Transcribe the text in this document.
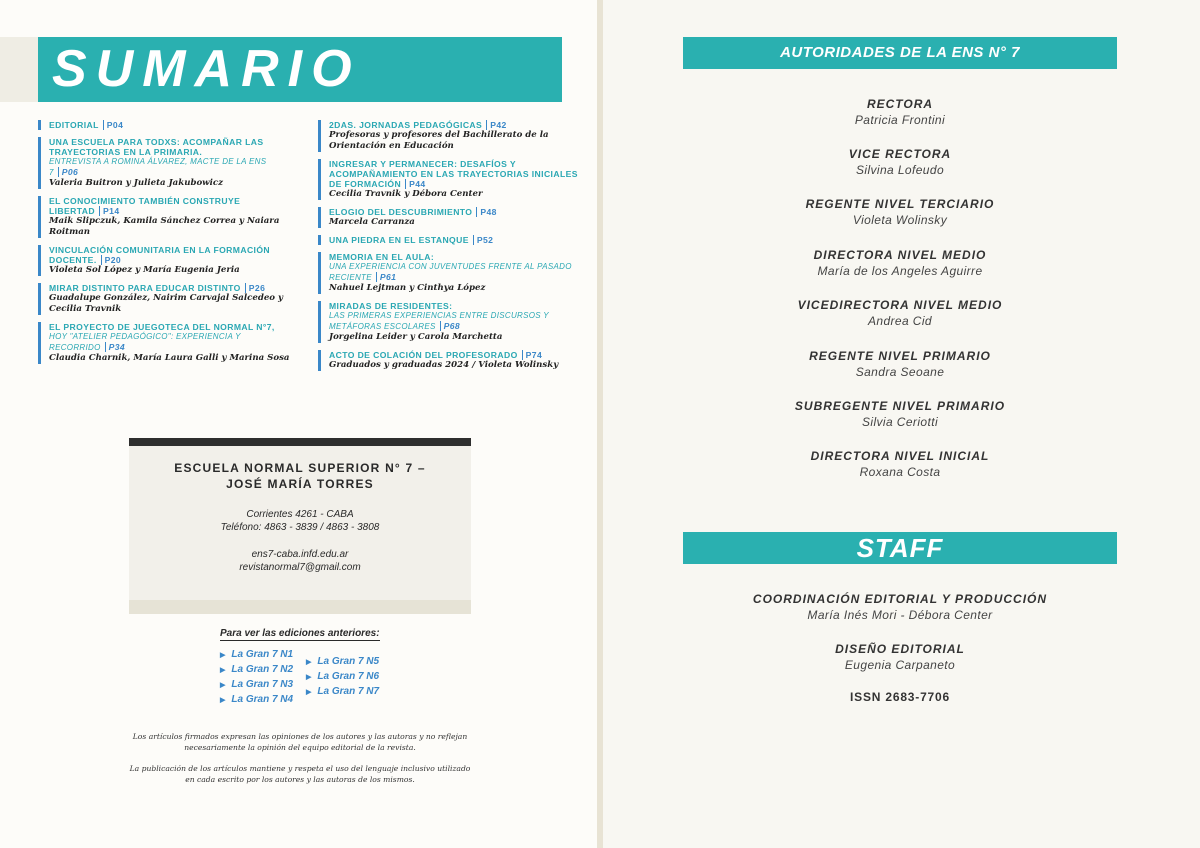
SUMARIO
EDITORIAL P04
UNA ESCUELA PARA TODXS: ACOMPAÑAR LAS TRAYECTORIAS EN LA PRIMARIA.
ENTREVISTA A ROMINA ÁLVAREZ, MACTE DE LA ENS 7 P06
Valeria Buitron y Julieta Jakubowicz
EL CONOCIMIENTO TAMBIÉN CONSTRUYE LIBERTAD P14
Maik Slipczuk, Kamila Sánchez Correa y Naiara Roitman
VINCULACIÓN COMUNITARIA EN LA FORMACIÓN DOCENTE. P20
Violeta Sol López y María Eugenia Jeria
MIRAR DISTINTO PARA EDUCAR DISTINTO P26
Guadalupe González, Nairim Carvajal Salcedeo y Cecilia Travnik
EL PROYECTO DE JUEGOTECA DEL NORMAL N°7,
HOY "ATELIER PEDAGÓGICO": EXPERIENCIA Y RECORRIDO P34
Claudia Charnik, María Laura Galli y Marina Sosa
2DAS. JORNADAS PEDAGÓGICAS P42
Profesoras y profesores del Bachillerato de la Orientación en Educación
INGRESAR Y PERMANECER: DESAFÍOS Y ACOMPAÑAMIENTO EN LAS TRAYECTORIAS INICIALES DE FORMACIÓN P44
Cecilia Travnik y Débora Center
ELOGIO DEL DESCUBRIMIENTO P48
Marcela Carranza
UNA PIEDRA EN EL ESTANQUE P52
MEMORIA EN EL AULA:
UNA EXPERIENCIA CON JUVENTUDES FRENTE AL PASADO RECIENTE P61
Nahuel Lejtman y Cinthya López
MIRADAS DE RESIDENTES:
LAS PRIMERAS EXPERIENCIAS ENTRE DISCURSOS Y METÁFORAS ESCOLARES P68
Jorgelina Leider y Carola Marchetta
ACTO DE COLACIÓN DEL PROFESORADO P74
Graduados y graduadas 2024 / Violeta Wolinsky
ESCUELA NORMAL SUPERIOR N° 7 –
JOSÉ MARÍA TORRES
Corrientes 4261 - CABA
Teléfono: 4863 - 3839 / 4863 - 3808
ens7-caba.infd.edu.ar
revistanormal7@gmail.com
Para ver las ediciones anteriores:
▶ La Gran 7 N1
▶ La Gran 7 N2
▶ La Gran 7 N3
▶ La Gran 7 N4
▶ La Gran 7 N5
▶ La Gran 7 N6
▶ La Gran 7 N7
Los artículos firmados expresan las opiniones de los autores y las autoras y no reflejan necesariamente la opinión del equipo editorial de la revista.
La publicación de los artículos mantiene y respeta el uso del lenguaje inclusivo utilizado en cada escrito por los autores y las autoras de los mismos.
AUTORIDADES DE LA ENS N° 7
RECTORA
Patricia Frontini
VICE RECTORA
Silvina Lofeudo
REGENTE NIVEL TERCIARIO
Violeta Wolinsky
DIRECTORA NIVEL MEDIO
María de los Angeles Aguirre
VICEDIRECTORA NIVEL MEDIO
Andrea Cid
REGENTE NIVEL PRIMARIO
Sandra Seoane
SUBREGENTE NIVEL PRIMARIO
Silvia Ceriotti
DIRECTORA NIVEL INICIAL
Roxana Costa
STAFF
COORDINACIÓN EDITORIAL Y PRODUCCIÓN
María Inés Mori - Débora Center
DISEÑO EDITORIAL
Eugenia Carpaneto
ISSN 2683-7706
